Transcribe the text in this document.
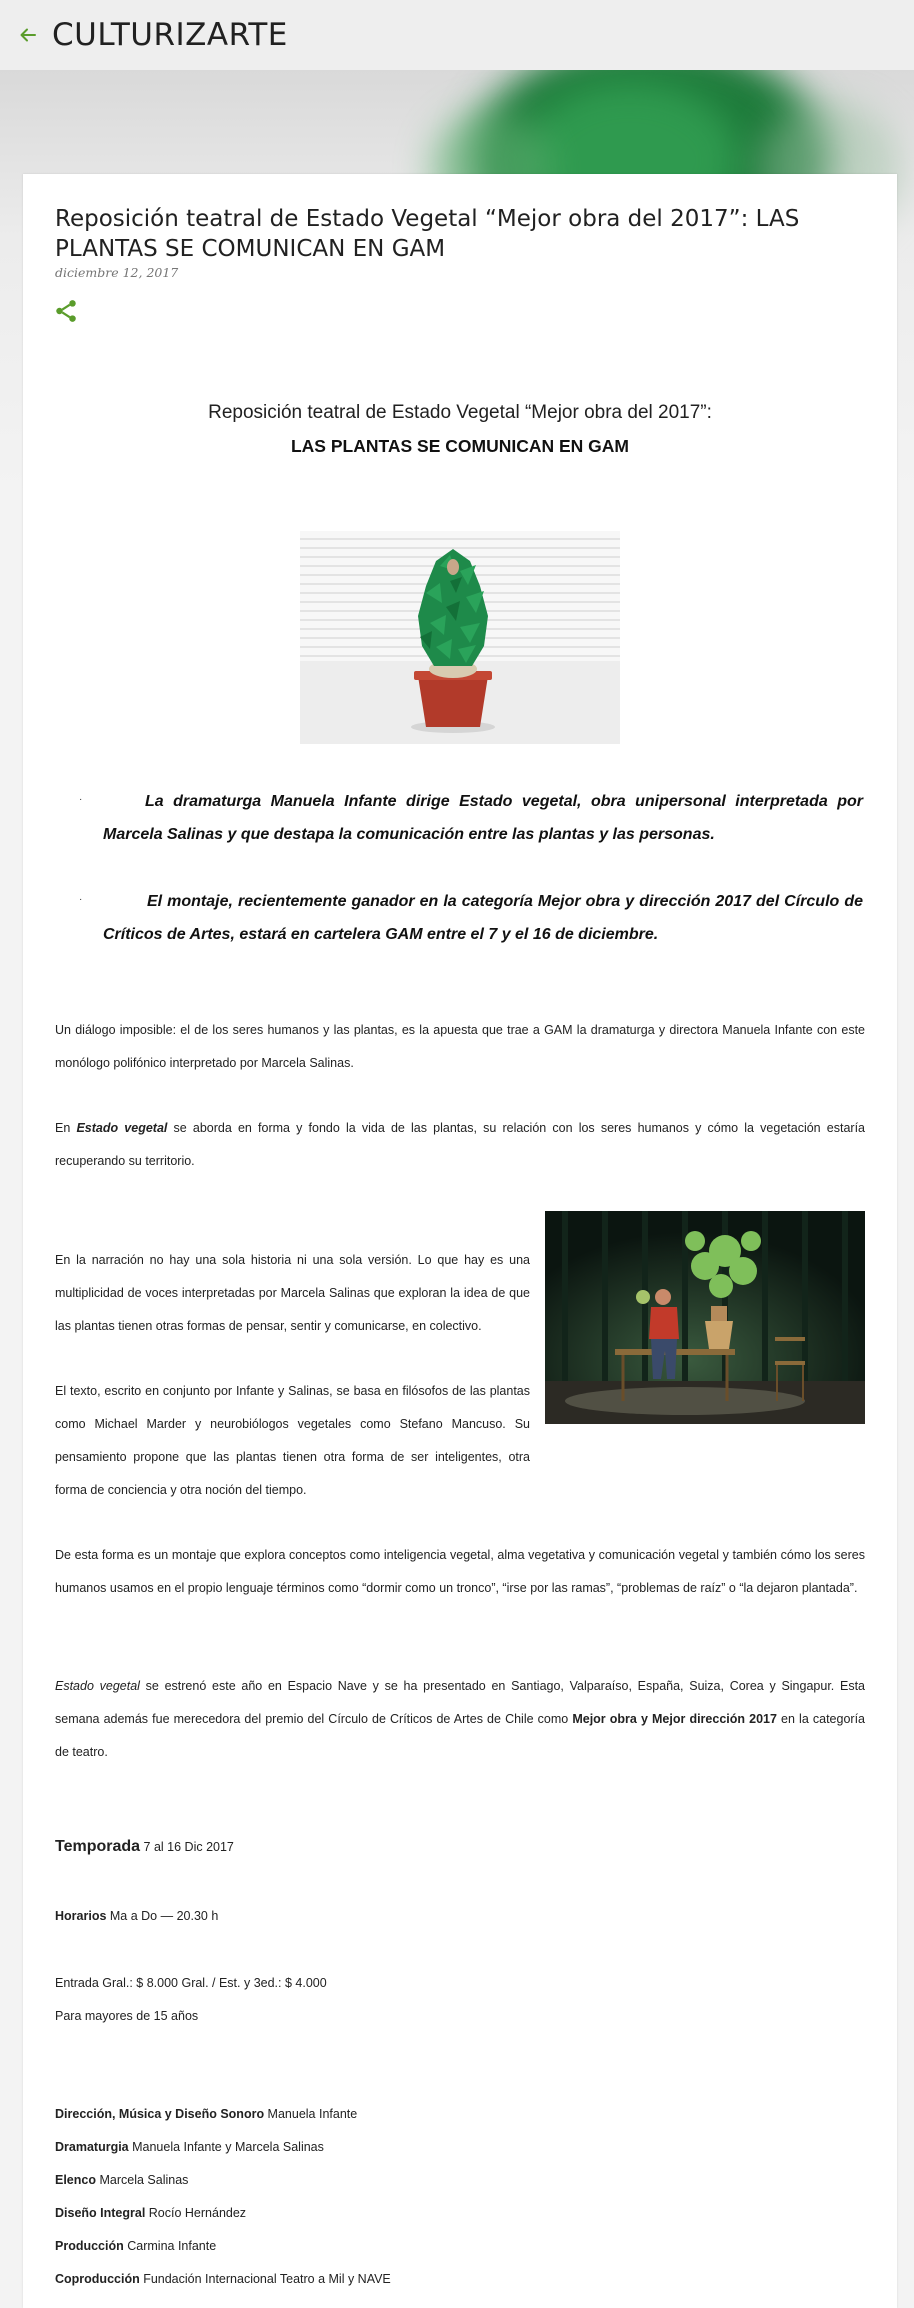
CULTURIZARTE
Reposición teatral de Estado Vegetal “Mejor obra del 2017”: LAS PLANTAS SE COMUNICAN EN GAM
diciembre 12, 2017
Reposición teatral de Estado Vegetal “Mejor obra del 2017”:
LAS PLANTAS SE COMUNICAN EN GAM
·	La dramaturga Manuela Infante dirige Estado vegetal, obra unipersonal interpretada por Marcela Salinas y que destapa la comunicación entre las plantas y las personas.
·	El montaje, recientemente ganador en la categoría Mejor obra y dirección 2017 del Círculo de Críticos de Artes, estará en cartelera GAM entre el 7 y el 16 de diciembre.

Un diálogo imposible: el de los seres humanos y las plantas, es la apuesta que trae a GAM la dramaturga y directora Manuela Infante con este monólogo polifónico interpretado por Marcela Salinas.

En Estado vegetal se aborda en forma y fondo la vida de las plantas, su relación con los seres humanos y cómo la vegetación estaría recuperando su territorio.

En la narración no hay una sola historia ni una sola versión. Lo que hay es una multiplicidad de voces interpretadas por Marcela Salinas que exploran la idea de que las plantas tienen otras formas de pensar, sentir y comunicarse, en colectivo.

El texto, escrito en conjunto por Infante y Salinas, se basa en filósofos de las plantas como Michael Marder y neurobiólogos vegetales como Stefano Mancuso. Su pensamiento propone que las plantas tienen otra forma de ser inteligentes, otra forma de conciencia y otra noción del tiempo.

De esta forma es un montaje que explora conceptos como inteligencia vegetal, alma vegetativa y comunicación vegetal y también cómo los seres humanos usamos en el propio lenguaje términos como “dormir como un tronco”, “irse por las ramas”, “problemas de raíz” o “la dejaron plantada”.

Estado vegetal se estrenó este año en Espacio Nave y se ha presentado en Santiago, Valparaíso, España, Suiza, Corea y Singapur. Esta semana además fue merecedora del premio del Círculo de Críticos de Artes de Chile como Mejor obra y Mejor dirección 2017 en la categoría de teatro.

Temporada 7 al 16 Dic 2017
Horarios Ma a Do — 20.30 h
Entrada Gral.: $ 8.000 Gral. / Est. y 3ed.: $ 4.000
Para mayores de 15 años
Dirección, Música y Diseño Sonoro Manuela Infante
Dramaturgia Manuela Infante y Marcela Salinas
Elenco Marcela Salinas
Diseño Integral Rocío Hernández
Producción Carmina Infante
Coproducción Fundación Internacional Teatro a Mil y NAVE
